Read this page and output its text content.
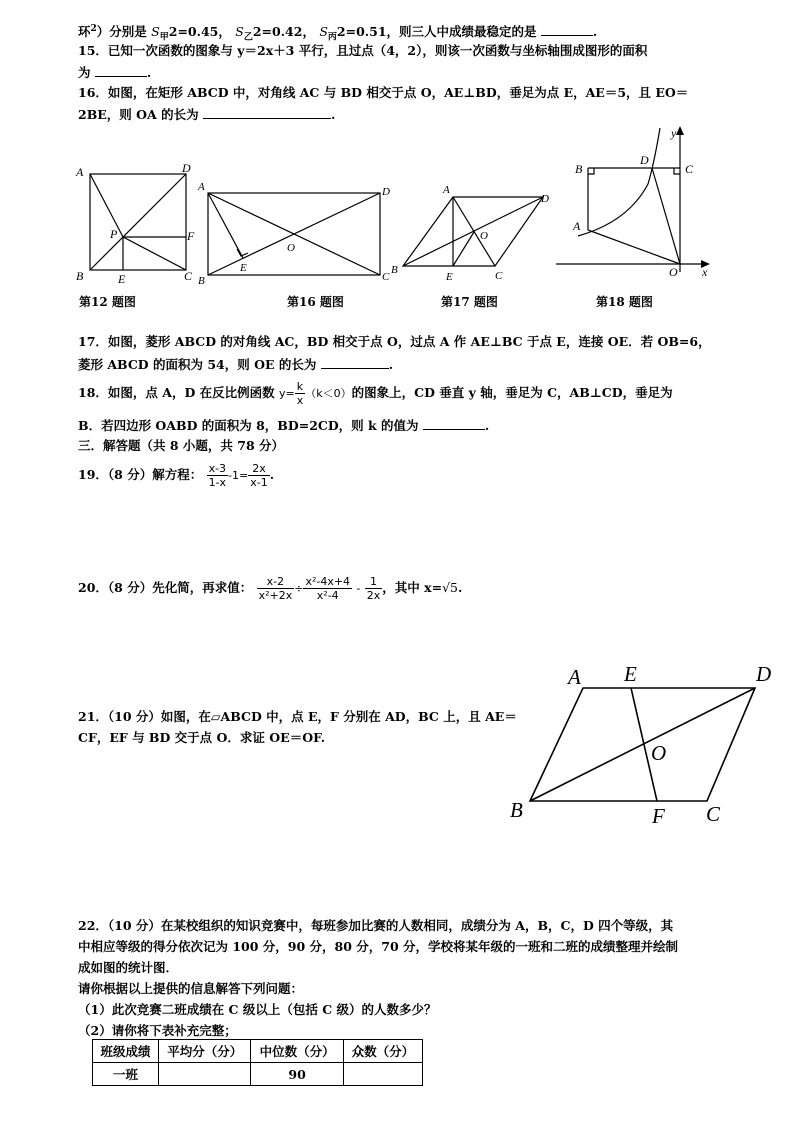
环$^2$）分别是 $S_甲2=0.45$， $S_乙2=0.42$， $S_丙2=0.51$，则三人中成绩最稳定的是	.
15．已知一次函数的图象与 y＝2x＋3 平行，且过点（4，2），则该一次函数与坐标轴围成图形的面积
为	.
16．如图，在矩形 ABCD 中，对角线 AC 与 BD 相交于点 O，AE⊥BD，垂足为点 E，AE＝5，且 EO＝
2BE，则 OA 的长为	.
A	D
P	F
B	E	C
第12 题图
A	D
O
E
B	C
第16 题图
A
D
O
B
E	C
第17 题图
y
B
D
C
A
O x
第18 题图
17．如图，菱形 ABCD 的对角线 AC，BD 相交于点 O，过点 A 作 AE⊥BC 于点 E，连接 OE．若 OB=6，
菱形 ABCD 的面积为 54，则 OE 的长为	.
18．如图，点 A，D 在反比例函数 $y= \frac{k}{x} (k<0)$的图象上，CD 垂直 y 轴，垂足为 C，AB⊥CD，垂足为
B．若四边形 OABD 的面积为 8，BD=2CD，则 k 的值为	.
三．解答题（共 8 小题，共 78 分）
19．（8 分）解方程： $\frac{x-3}{1-x} -1= \frac{2x}{x-1}$ .
20．（8 分）先化简，再求值： $\frac{x-2}{\text{x²+2x}} \div \frac{\text{x²-4x+4}}{\text{x²-4}} - \frac{1}{2x}$ ，其中 x=√5.
21．（10 分）如图，在▱ABCD 中，点 E，F 分别在 AD，BC 上，且 AE＝
CF，EF 与 BD 交于点 O．求证 OE＝OF.
A E	D
O
B	F C
22．（10 分）在某校组织的知识竞赛中，每班参加比赛的人数相同，成绩分为 A，B，C，D 四个等级，其
中相应等级的得分依次记为 100 分，90 分，80 分，70 分，学校将某年级的一班和二班的成绩整理并绘制
成如图的统计图．
请你根据以上提供的信息解答下列问题：
（1）此次竞赛二班成绩在 C 级以上（包括 C 级）的人数多少？
（2）请你将下表补充完整；
班级成绩	平均分（分）	中位数（分）	众数（分）
一班		90	
